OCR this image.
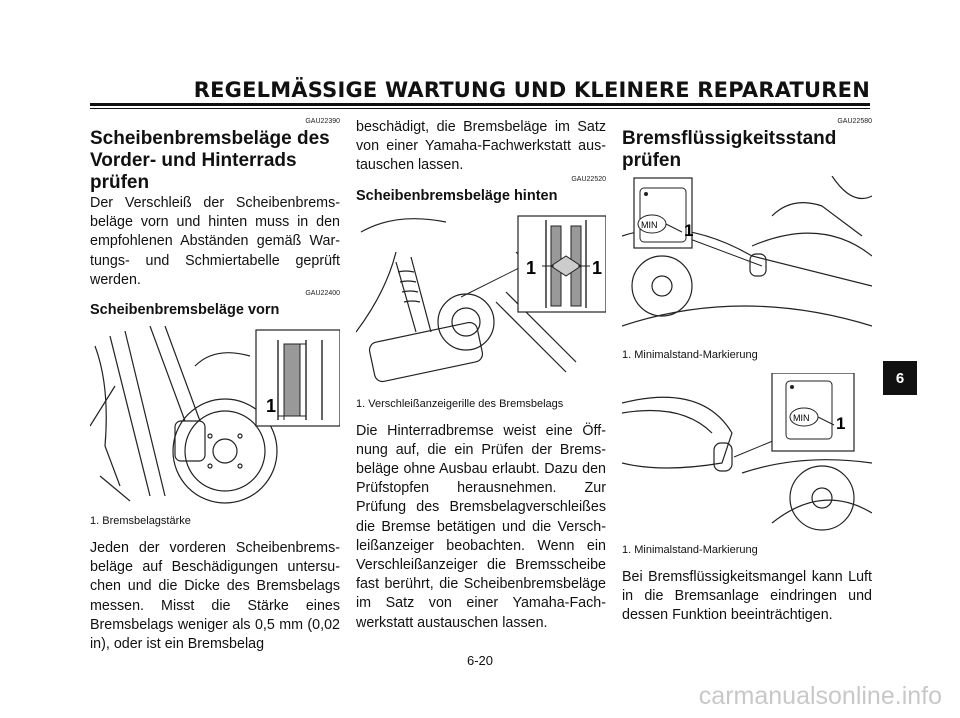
REGELMÄSSIGE WARTUNG UND KLEINERE REPARATUREN
GAU22390
Scheibenbremsbeläge des Vorder- und Hinterrads prüfen

Der Verschleiß der Scheibenbremsbeläge vorn und hinten muss in den empfohlenen Abständen gemäß Wartungs- und Schmiertabelle geprüft werden.

GAU22400
Scheibenbremsbeläge vorn
1
1. Bremsbelagstärke

Jeden der vorderen Scheibenbremsbeläge auf Beschädigungen untersuchen und die Dicke des Bremsbelags messen. Misst die Stärke eines Bremsbelags weniger als 0,5 mm (0,02 in), oder ist ein Bremsbelag

beschädigt, die Bremsbeläge im Satz von einer Yamaha-Fachwerkstatt austauschen lassen.

GAU22520
Scheibenbremsbeläge hinten
1	1
1. Verschleißanzeigerille des Bremsbelags

Die Hinterradbremse weist eine Öffnung auf, die ein Prüfen der Bremsbeläge ohne Ausbau erlaubt. Dazu den Prüfstopfen herausnehmen. Zur Prüfung des Bremsbelagverschleißes die Bremse betätigen und die Verschleißanzeiger beobachten. Wenn ein Verschleißanzeiger die Bremsscheibe fast berührt, die Scheibenbremsbeläge im Satz von einer Yamaha-Fachwerkstatt austauschen lassen.

GAU22580
Bremsflüssigkeitsstand prüfen
MIN 1
1. Minimalstand-Markierung
MIN 1
1. Minimalstand-Markierung

Bei Bremsflüssigkeitsmangel kann Luft in die Bremsanlage eindringen und dessen Funktion beeinträchtigen.

6
6-20
carmanualsonline.info
